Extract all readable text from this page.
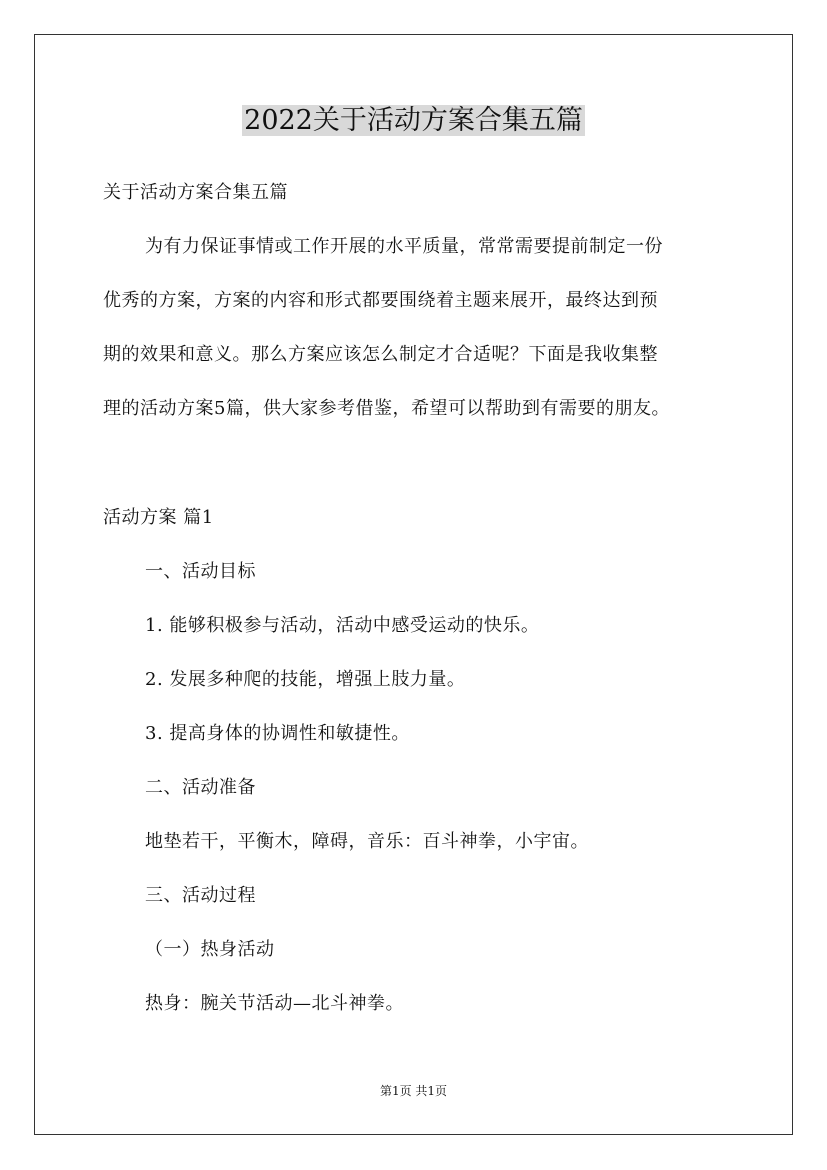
2022关于活动方案合集五篇
关于活动方案合集五篇
为有力保证事情或工作开展的水平质量，常常需要提前制定一份
优秀的方案，方案的内容和形式都要围绕着主题来展开，最终达到预
期的效果和意义。那么方案应该怎么制定才合适呢？下面是我收集整
理的活动方案5篇，供大家参考借鉴，希望可以帮助到有需要的朋友。
活动方案 篇1
一、活动目标
1. 能够积极参与活动，活动中感受运动的快乐。
2. 发展多种爬的技能，增强上肢力量。
3. 提高身体的协调性和敏捷性。
二、活动准备
地垫若干，平衡木，障碍，音乐：百斗神拳，小宇宙。
三、活动过程
（一）热身活动
热身：腕关节活动—北斗神拳。
第1页 共1页
